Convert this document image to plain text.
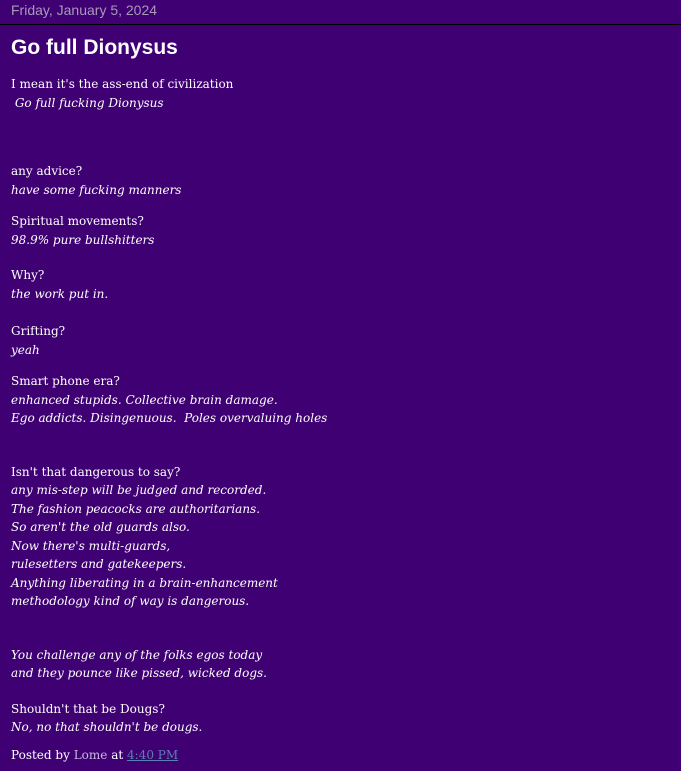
Friday, January 5, 2024
Go full Dionysus
I mean it's the ass-end of civilization
Go full fucking Dionysus
any advice?
have some fucking manners
Spiritual movements?
98.9% pure bullshitters
Why?
the work put in.
Grifting?
yeah
Smart phone era?
enhanced stupids. Collective brain damage.
Ego addicts. Disingenuous.  Poles overvaluing holes
Isn't that dangerous to say?
any mis-step will be judged and recorded.
The fashion peacocks are authoritarians.
So aren't the old guards also.
Now there's multi-guards,
rulesetters and gatekeepers.
Anything liberating in a brain-enhancement
methodology kind of way is dangerous.
You challenge any of the folks egos today
and they pounce like pissed, wicked dogs.
Shouldn't that be Dougs?
No, no that shouldn't be dougs.
Posted by Lome at 4:40 PM
